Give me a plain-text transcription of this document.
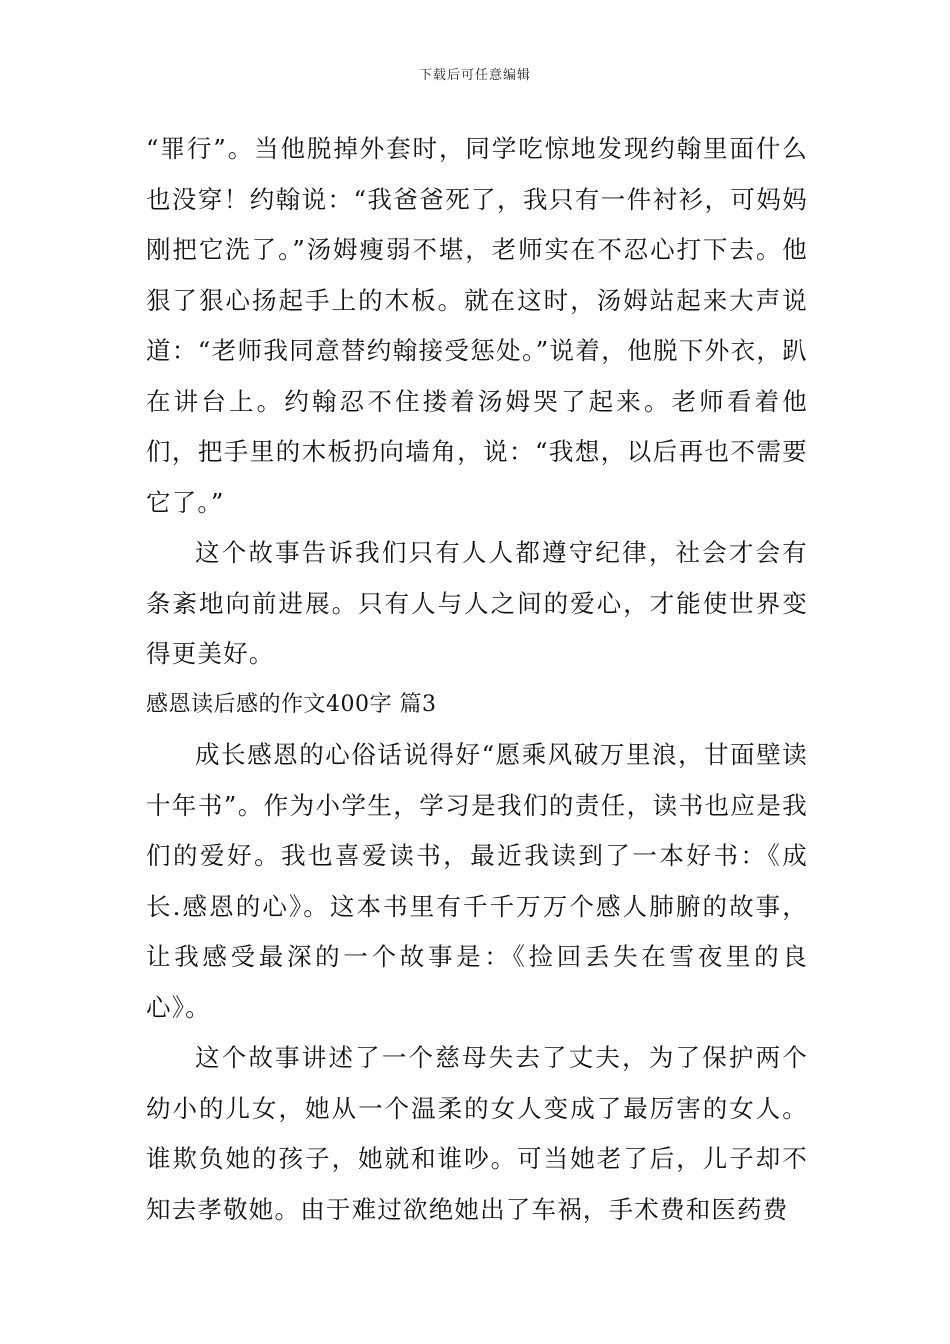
下载后可任意编辑

“罪行”。当他脱掉外套时，同学吃惊地发现约翰里面什么也没穿！约翰说：“我爸爸死了，我只有一件衬衫，可妈妈刚把它洗了。”汤姆瘦弱不堪，老师实在不忍心打下去。他狠了狠心扬起手上的木板。就在这时，汤姆站起来大声说道：“老师我同意替约翰接受惩处。”说着，他脱下外衣，趴在讲台上。约翰忍不住搂着汤姆哭了起来。老师看着他们，把手里的木板扔向墙角，说：“我想，以后再也不需要它了。”

这个故事告诉我们只有人人都遵守纪律，社会才会有条紊地向前进展。只有人与人之间的爱心，才能使世界变得更美好。

感恩读后感的作文400字 篇3

成长感恩的心俗话说得好“愿乘风破万里浪，甘面壁读十年书”。作为小学生，学习是我们的责任，读书也应是我们的爱好。我也喜爱读书，最近我读到了一本好书：《成长.感恩的心》。这本书里有千千万万个感人肺腑的故事，让我感受最深的一个故事是：《捡回丢失在雪夜里的良心》。

这个故事讲述了一个慈母失去了丈夫，为了保护两个幼小的儿女，她从一个温柔的女人变成了最厉害的女人。谁欺负她的孩子，她就和谁吵。可当她老了后，儿子却不知去孝敬她。由于难过欲绝她出了车祸，手术费和医药费
